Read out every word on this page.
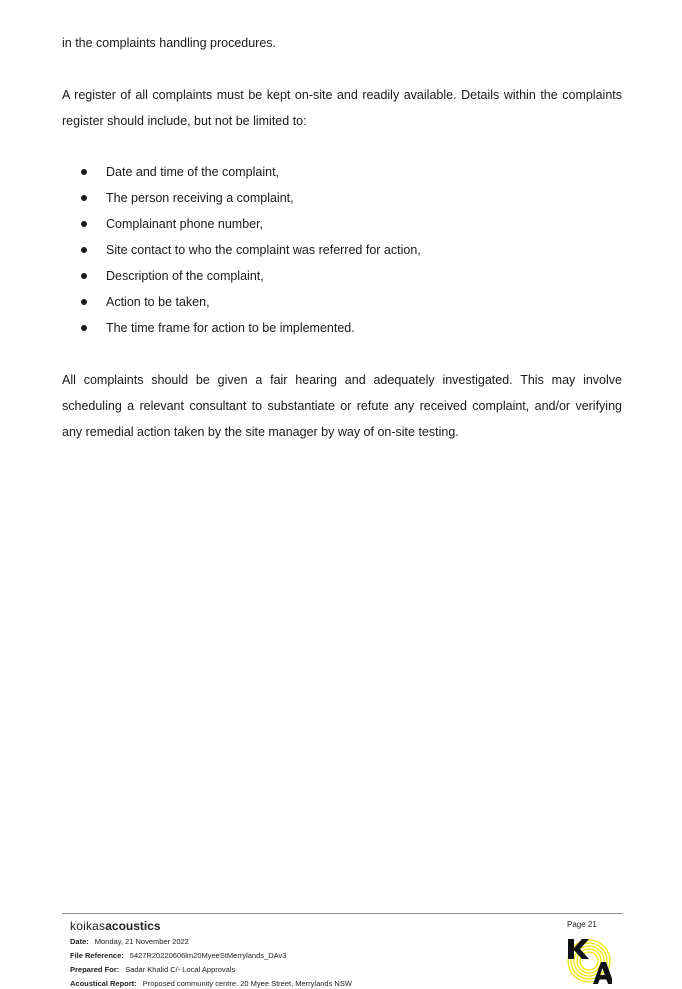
in the complaints handling procedures.

A register of all complaints must be kept on-site and readily available. Details within the complaints register should include, but not be limited to:

Date and time of the complaint,
The person receiving a complaint,
Complainant phone number,
Site contact to who the complaint was referred for action,
Description of the complaint,
Action to be taken,
The time frame for action to be implemented.

All complaints should be given a fair hearing and adequately investigated. This may involve scheduling a relevant consultant to substantiate or refute any received complaint, and/or verifying any remedial action taken by the site manager by way of on-site testing.

koikasacoustics
Date: Monday, 21 November 2022
File Reference: 5427R20220606lm20MyeeStMerrylands_DAv3
Prepared For: Sadar Khalid C/- Local Approvals
Acoustical Report: Proposed community centre. 20 Myee Street, Merrylands NSW
Page 21
